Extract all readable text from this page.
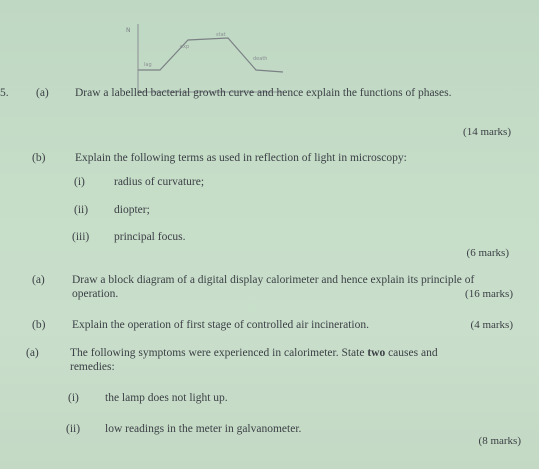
N
exp
stat
death
lag
5. (a) Draw a labelled bacterial growth curve and hence explain the functions of phases.
(14 marks)
(b)	Explain the following terms as used in reflection of light in microscopy:
(i)	radius of curvature;
(ii) diopter;
(iii) principal focus.
(6 marks)
(a) Draw a block diagram of a digital display calorimeter and hence explain its principle of
operation.	(16 marks)
(b) Explain the operation of first stage of controlled air incineration.	(4 marks)
(a)	The following symptoms were experienced in calorimeter. State two causes and
remedies:
(i) the lamp does not light up.
(ii) low readings in the meter in galvanometer.
(8 marks)
